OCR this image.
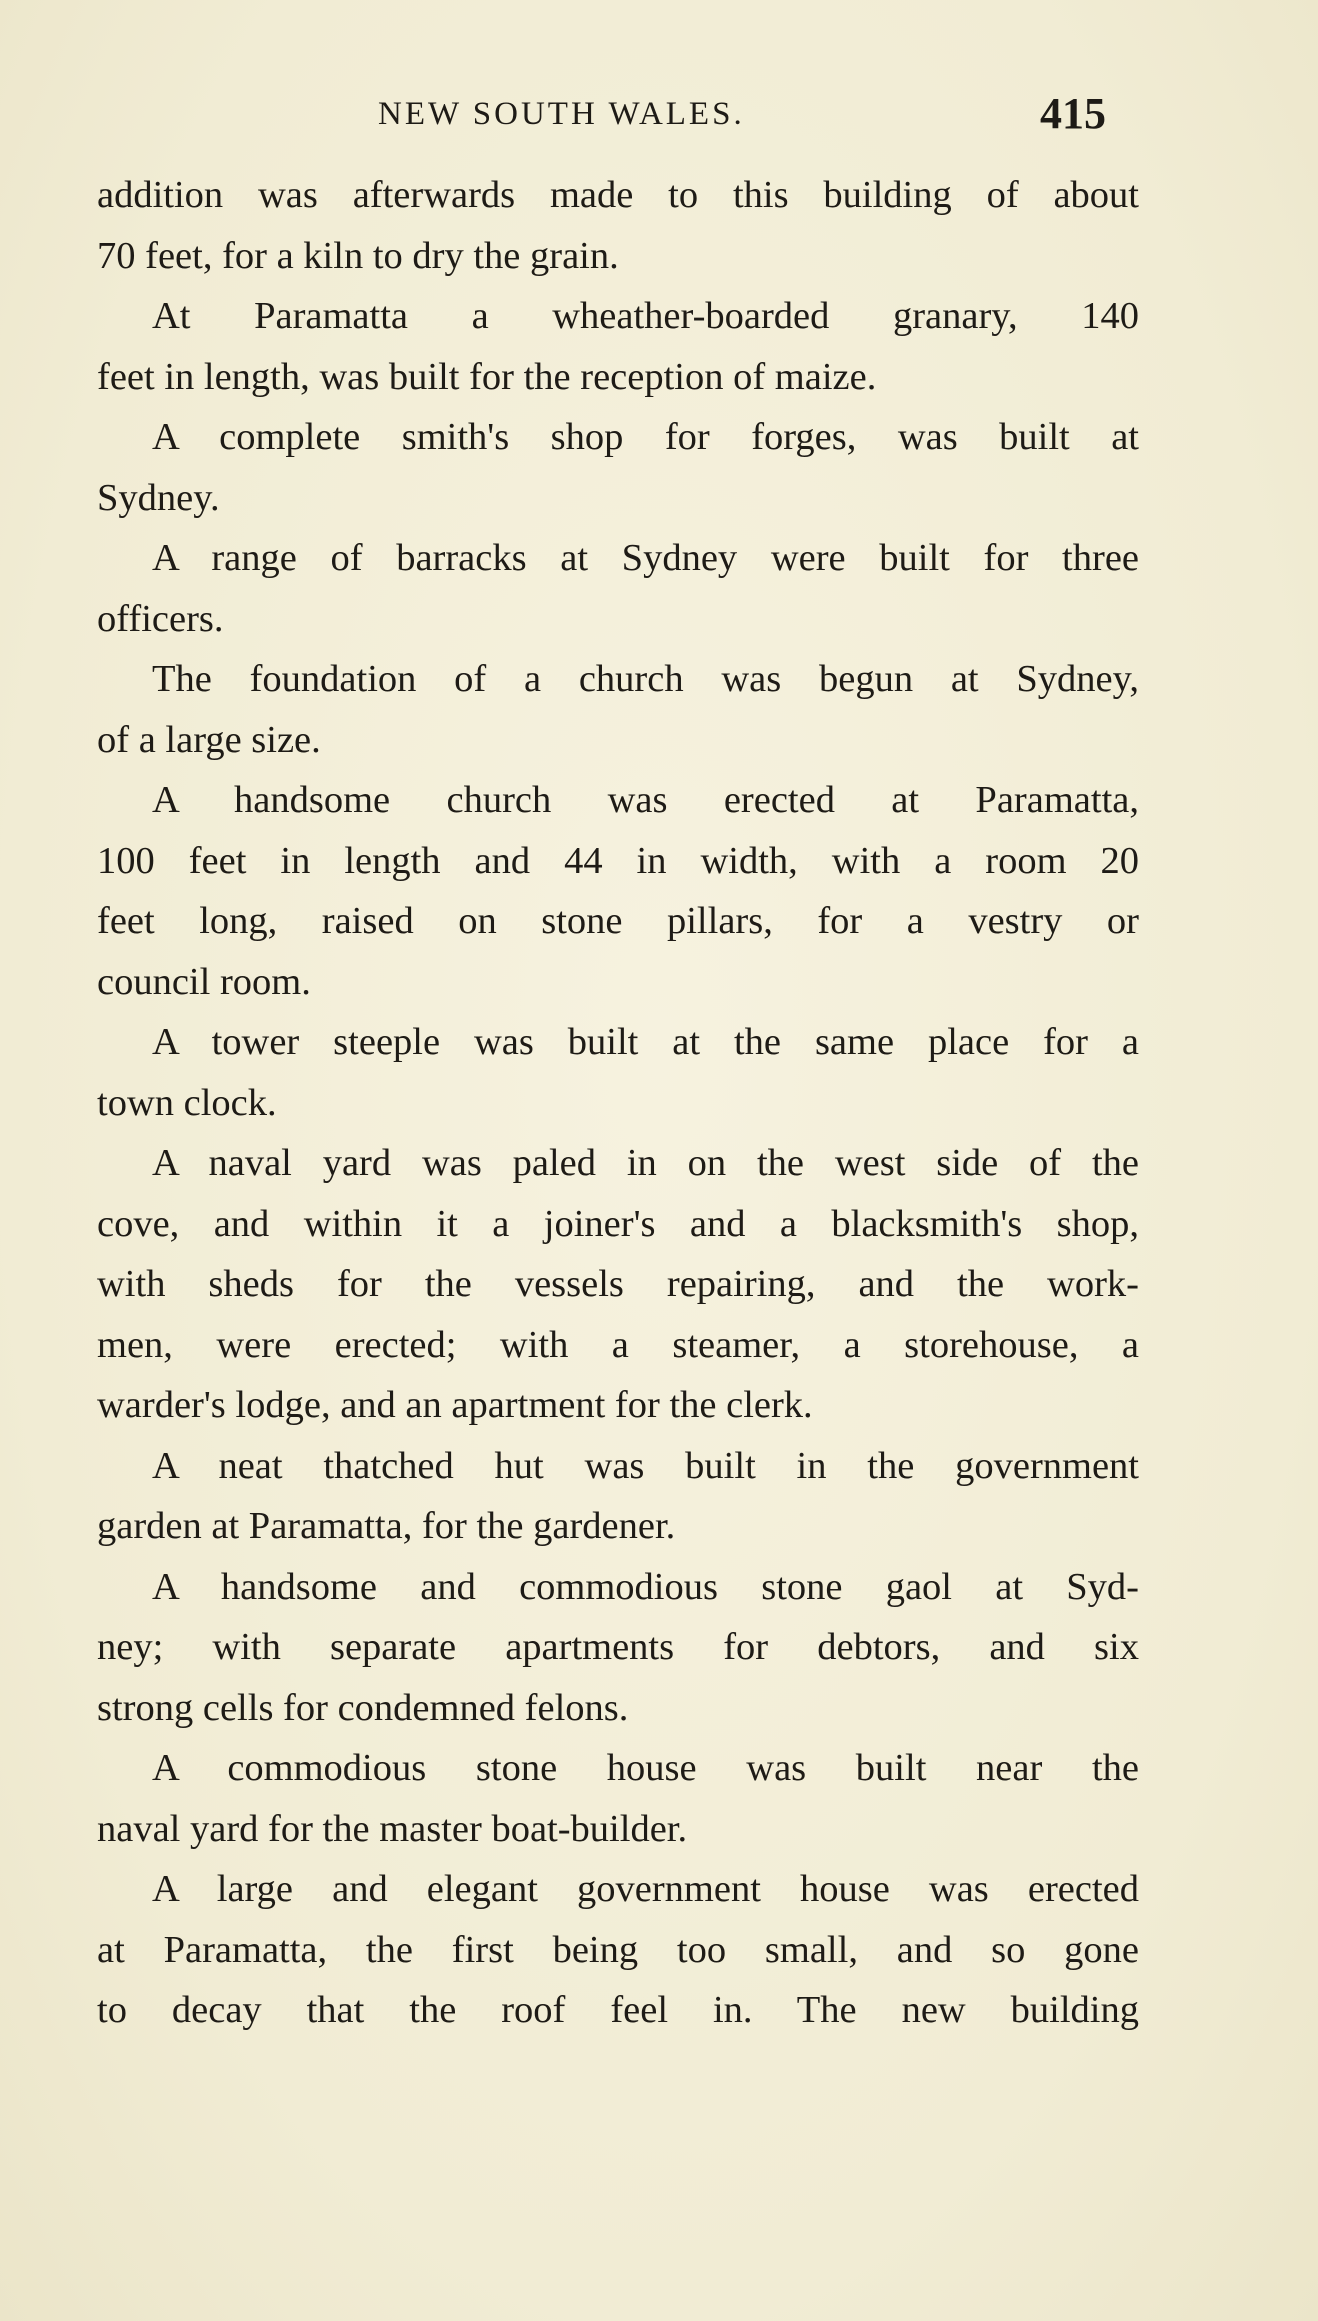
NEW SOUTH WALES.	415
addition was afterwards made to this building of about
70 feet, for a kiln to dry the grain.
At Paramatta a wheather-boarded granary, 140
feet in length, was built for the reception of maize.
A complete smith's shop for forges, was built at
Sydney.
A range of barracks at Sydney were built for three
officers.
The foundation of a church was begun at Sydney,
of a large size.
A handsome church was erected at Paramatta,
100 feet in length and 44 in width, with a room 20
feet long, raised on stone pillars, for a vestry or
council room.
A tower steeple was built at the same place for a
town clock.
A naval yard was paled in on the west side of the
cove, and within it a joiner's and a blacksmith's shop,
with sheds for the vessels repairing, and the work-
men, were erected; with a steamer, a storehouse, a
warder's lodge, and an apartment for the clerk.
A neat thatched hut was built in the government
garden at Paramatta, for the gardener.
A handsome and commodious stone gaol at Syd-
ney; with separate apartments for debtors, and six
strong cells for condemned felons.
A commodious stone house was built near the
naval yard for the master boat-builder.
A large and elegant government house was erected
at Paramatta, the first being too small, and so gone
to decay that the roof feel in. The new building
